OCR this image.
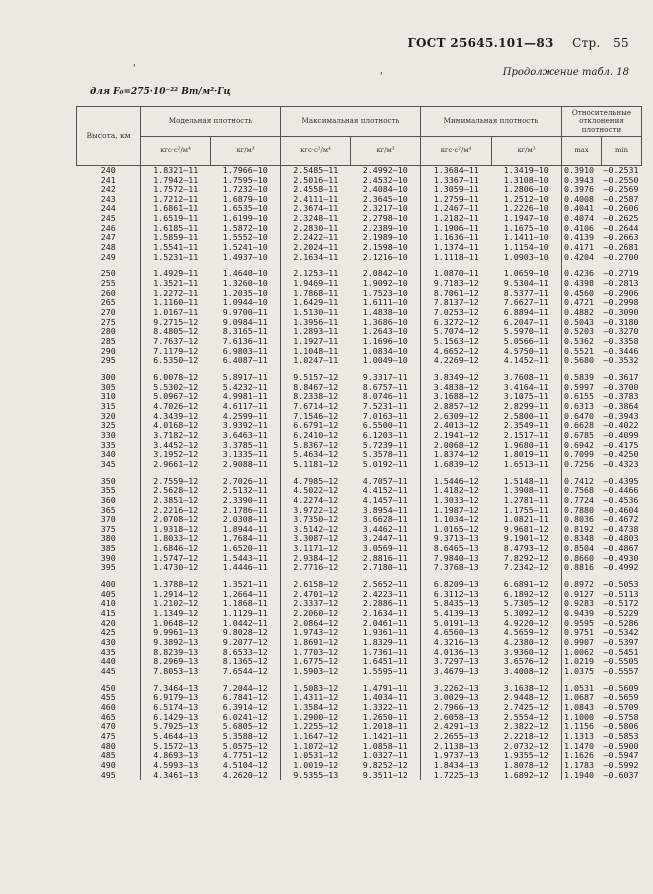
ГОСТ 25645.101—83 Стр. 55
Продолжение табл. 18
для F₀=275·10⁻²² Вт/м²·Гц
'
'
Высота, км	Модельная плотность		Максимальная плотность		Минимальная плотность		Относительные отклонения плотности	
	кгс·с²/м⁴	кг/м³	кгс·с²/м⁴	кг/м³	кгс·с²/м⁴	кг/м³	max	min
240	1.8321—11	1.7966—10	2.5485—11	2.4992—10	1.3684—11	1.3419—10	0.3910	—0.2531
241	1.7942—11	1.7595—10	2.5016—11	2.4532—10	1.3367—11	1.3108—10	0.3943	—0.2550
242	1.7572—11	1.7232—10	2.4558—11	2.4084—10	1.3059—11	1.2806—10	0.3976	—0.2569
243	1.7212—11	1.6879—10	2.4111—11	2.3645—10	1.2759—11	1.2512—10	0.4008	—0.2587
244	1.6861—11	1.6535—10	2.3674—11	2.3217—10	1.2467—11	1.2226—10	0.4041	—0.2606
245	1.6519—11	1.6199—10	2.3248—11	2.2798—10	1.2182—11	1.1947—10	0.4074	—0.2625
246	1.6185—11	1.5872—10	2.2830—11	2.2389—10	1.1906—11	1.1675—10	0.4106	—0.2644
247	1.5859—11	1.5552—10	2.2422—11	2.1989—10	1.1636—11	1.1411—10	0.4139	—0.2663
248	1.5541—11	1.5241—10	2.2024—11	2.1598—10	1.1374—11	1.1154—10	0.4171	—0.2681
249	1.5231—11	1.4937—10	2.1634—11	2.1216—10	1.1118—11	1.0903—10	0.4204	—0.2700

250	1.4929—11	1.4640—10	2.1253—11	2.0842—10	1.0870—11	1.0659—10	0.4236	—0.2719
255	1.3521—11	1.3260—10	1.9469—11	1.9092—10	9.7183—12	9.5304—11	0.4398	—0.2813
260	1.2272—11	1.2035—10	1.7868—11	1.7523—10	8.7061—12	8.5377—11	0.4560	—0.2906
265	1.1160—11	1.0944—10	1.6429—11	1.6111—10	7.8137—12	7.6627—11	0.4721	—0.2998
270	1.0167—11	9.9700—11	1.5130—11	1.4838—10	7.0253—12	6.8894—11	0.4882	—0.3090
275	9.2715—12	9.0984—11	1.3956—11	1.3686—10	6.3272—12	6.2047—11	0.5043	—0.3180
280	8.4805—12	8.3165—11	1.2893—11	1.2643—10	5.7074—12	5.5970—11	0.5203	—0.3270
285	7.7637—12	7.6136—11	1.1927—11	1.1696—10	5.1563—12	5.0566—11	0.5362	—0.3358
290	7.1179—12	6.9803—11	1.1048—11	1.0834—10	4.6652—12	4.5750—11	0.5521	—0.3446
295	6.5350—12	6.4087—11	1.0247—11	1.0049—10	4.2269—12	4.1452—11	0.5680	—0.3532

300	6.0078—12	5.8917—11	9.5157—12	9.3317—11	3.8349—12	3.7608—11	0.5839	—0.3617
305	5.5302—12	5.4232—11	8.8467—12	8.6757—11	3.4838—12	3.4164—11	0.5997	—0.3700
310	5.0967—12	4.9981—11	8.2338—12	8.0746—11	3.1688—12	3.1075—11	0.6155	—0.3783
315	4.7026—12	4.6117—11	7.6714—12	7.5231—11	2.8857—12	2.8299—11	0.6313	—0.3864
320	4.3439—12	4.2599—11	7.1546—12	7.0163—11	2.6309—12	2.5800—11	0.6470	—0.3943
325	4.0168—12	3.9392—11	6.6791—12	6.5500—11	2.4013—12	2.3549—11	0.6628	—0.4022
330	3.7182—12	3.6463—11	6.2410—12	6.1203—11	2.1941—12	2.1517—11	0.6785	—0.4099
335	3.4452—12	3.3785—11	5.8367—12	5.7239—11	2.0068—12	1.9680—11	0.6942	—0.4175
340	3.1952—12	3.1335—11	5.4634—12	5.3578—11	1.8374—12	1.8019—11	0.7099	—0.4250
345	2.9661—12	2.9088—11	5.1181—12	5.0192—11	1.6839—12	1.6513—11	0.7256	—0.4323

350	2.7559—12	2.7026—11	4.7985—12	4.7057—11	1.5446—12	1.5148—11	0.7412	—0.4395
355	2.5628—12	2.5132—11	4.5022—12	4.4152—11	1.4182—12	1.3908—11	0.7568	—0.4466
360	2.3851—12	2.3390—11	4.2274—12	4.1457—11	1.3033—12	1.2781—11	0.7724	—0.4536
365	2.2216—12	2.1786—11	3.9722—12	3.8954—11	1.1987—12	1.1755—11	0.7880	—0.4604
370	2.0708—12	2.0308—11	3.7350—12	3.6628—11	1.1034—12	1.0821—11	0.8036	—0.4672
375	1.9318—12	1.8944—11	3.5142—12	3.4462—11	1.0165—12	9.9681—12	0.8192	—0.4738
380	1.8033—12	1.7684—11	3.3087—12	3.2447—11	9.3713—13	9.1901—12	0.8348	—0.4803
385	1.6846—12	1.6520—11	3.1171—12	3.0569—11	8.6465—13	8.4793—12	0.8504	—0.4867
390	1.5747—12	1.5443—11	2.9384—12	2.8816—11	7.9840—13	7.8292—12	0.8660	—0.4930
395	1.4730—12	1.4446—11	2.7716—12	2.7180—11	7.3768—13	7.2342—12	0.8816	—0.4992

400	1.3788—12	1.3521—11	2.6158—12	2.5652—11	6.8209—13	6.6891—12	0.8972	—0.5053
405	1.2914—12	1.2664—11	2.4701—12	2.4223—11	6.3112—13	6.1892—12	0.9127	—0.5113
410	1.2102—12	1.1868—11	2.3337—12	2.2886—11	5.8435—13	5.7305—12	0.9283	—0.5172
415	1.1349—12	1.1129—11	2.2060—12	2.1634—11	5.4139—13	5.3092—12	0.9439	—0.5229
420	1.0648—12	1.0442—11	2.0864—12	2.0461—11	5.0191—13	4.9220—12	0.9595	—0.5286
425	9.9961—13	9.8028—12	1.9743—12	1.9361—11	4.6560—13	4.5659—12	0.9751	—0.5342
430	9.3892—13	9.2077—12	1.8691—12	1.8329—11	4.3216—13	4.2380—12	0.9907	—0.5397
435	8.8239—13	8.6533—12	1.7703—12	1.7361—11	4.0136—13	3.9360—12	1.0062	—0.5451
440	8.2969—13	8.1365—12	1.6775—12	1.6451—11	3.7297—13	3.6576—12	1.0219	—0.5505
445	7.8053—13	7.6544—12	1.5903—12	1.5595—11	3.4679—13	3.4008—12	1.0375	—0.5557

450	7.3464—13	7.2044—12	1.5083—12	1.4791—11	3.2262—13	3.1638—12	1.0531	—0.5609
455	6.9179—13	6.7841—12	1.4311—12	1.4034—11	3.0029—13	2.9448—12	1.0687	—0.5659
460	6.5174—13	6.3914—12	1.3584—12	1.3322—11	2.7966—13	2.7425—12	1.0843	—0.5709
465	6.1429—13	6.0241—12	1.2900—12	1.2650—11	2.6058—13	2.5554—12	1.1000	—0.5758
470	5.7925—13	5.6805—12	1.2255—12	1.2018—11	2.4291—13	2.3822—12	1.1156	—0.5806
475	5.4644—13	5.3588—12	1.1647—12	1.1421—11	2.2655—13	2.2218—12	1.1313	—0.5853
480	5.1572—13	5.0575—12	1.1072—12	1.0858—11	2.1138—13	2.0732—12	1.1470	—0.5900
485	4.8693—13	4.7751—12	1.0531—12	1.0327—11	1.9737—13	1.9355—12	1.1626	—0.5947
490	4.5993—13	4.5104—12	1.0019—12	9.8252—12	1.8434—13	1.8078—12	1.1783	—0.5992
495	4.3461—13	4.2620—12	9.5355—13	9.3511—12	1.7225—13	1.6892—12	1.1940	—0.6037
